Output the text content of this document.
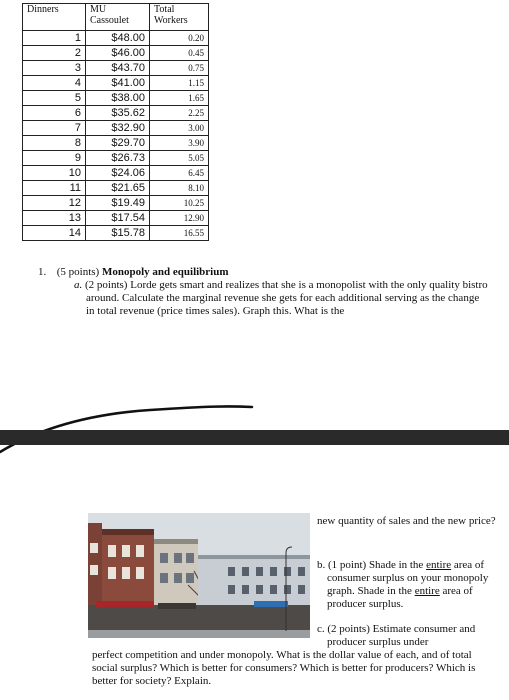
Dinners	MU Cassoulet	Total Workers
1	$48.00	0.20
2	$46.00	0.45
3	$43.70	0.75
4	$41.00	1.15
5	$38.00	1.65
6	$35.62	2.25
7	$32.90	3.00
8	$29.70	3.90
9	$26.73	5.05
10	$24.06	6.45
11	$21.65	8.10
12	$19.49	10.25
13	$17.54	12.90
14	$15.78	16.55

1. (5 points) Monopoly and equilibrium

a. (2 points) Lorde gets smart and realizes that she is a monopolist with the only quality bistro around. Calculate the marginal revenue she gets for each additional serving as the change in total revenue (price times sales). Graph this. What is the

new quantity of sales and the new price?

b. (1 point) Shade in the entire area of consumer surplus on your monopoly graph. Shade in the entire area of producer surplus.

c. (2 points) Estimate consumer and producer surplus under

perfect competition and under monopoly. What is the dollar value of each, and of total social surplus? Which is better for consumers? Which is better for producers? Which is better for society? Explain.
